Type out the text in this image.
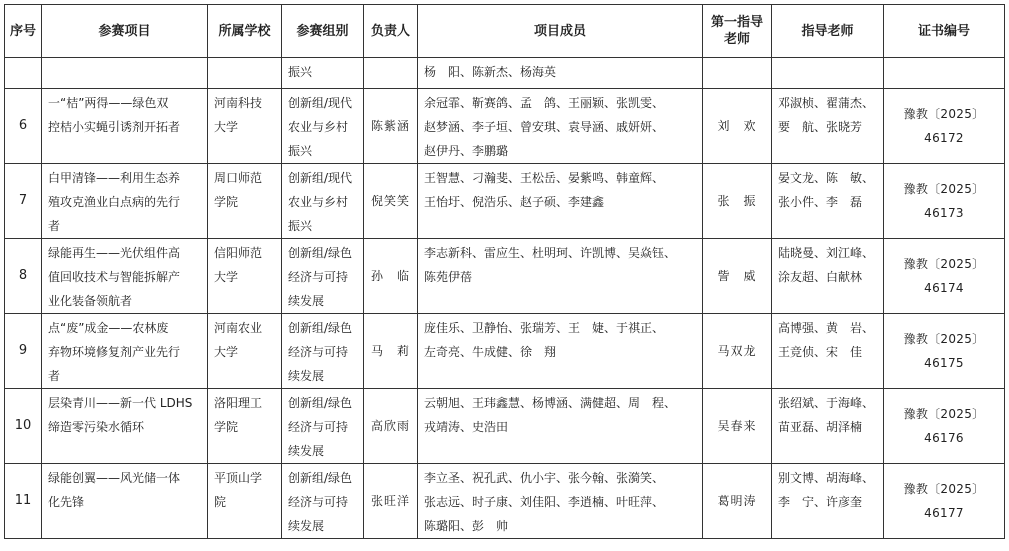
序号	参赛项目	所属学校	参赛组别	负责人	项目成员	第一指导
老师	指导老师	证书编号
			振兴		杨　阳、陈新杰、杨海英			
6	一“桔”两得——绿色双
控桔小实蝇引诱剂开拓者	河南科技
大学	创新组/现代
农业与乡村
振兴	陈紫涵	余冠霏、靳赛鸽、孟　鸽、王丽颖、张凯雯、
赵梦涵、李子垣、曾安琪、袁导涵、戚妍妍、
赵伊丹、李鹏璐	刘　欢	邓淑桢、翟蒲杰、
要　航、张晓芳	豫教〔2025〕46172
7	白甲清锋——利用生态养
殖攻克渔业白点病的先行
者	周口师范
学院	创新组/现代
农业与乡村
振兴	倪笑笑	王智慧、刁瀚斐、王松岳、晏紫鸣、韩童辉、
王怡圩、倪浩乐、赵子硕、李建鑫	张　振	晏文龙、陈　敏、
张小件、李　磊	豫教〔2025〕46173
8	绿能再生——光伏组件高
值回收技术与智能拆解产
业化装备领航者	信阳师范
大学	创新组/绿色
经济与可持
续发展	孙　临	李志新科、雷应生、杜明珂、许凯博、吴焱钰、
陈苑伊蓓	訾　威	陆晓曼、刘江峰、
涂友超、白献林	豫教〔2025〕46174
9	点“废”成金——农林废
弃物环境修复剂产业先行
者	河南农业
大学	创新组/绿色
经济与可持
续发展	马　莉	庞佳乐、卫静怡、张瑞芳、王　婕、于祺正、
左奇亮、牛成健、徐　翔	马双龙	高博强、黄　岩、
王竞侦、宋　佳	豫教〔2025〕46175
10	层染青川——新一代 LDHS
缔造零污染水循环	洛阳理工
学院	创新组/绿色
经济与可持
续发展	高欣雨	云朝旭、王玮鑫慧、杨博涵、满健超、周　程、
戎靖涛、史浩田	吴春来	张绍斌、于海峰、
苗亚磊、胡泽楠	豫教〔2025〕46176
11	绿能创翼——风光储一体
化先锋	平顶山学
院	创新组/绿色
经济与可持
续发展	张旺洋	李立圣、祝孔武、仇小宇、张今翰、张漪笑、
张志远、时子康、刘佳阳、李逍楠、叶旺萍、
陈璐阳、彭　帅	葛明涛	别文博、胡海峰、
李　宁、许彦奎	豫教〔2025〕46177
